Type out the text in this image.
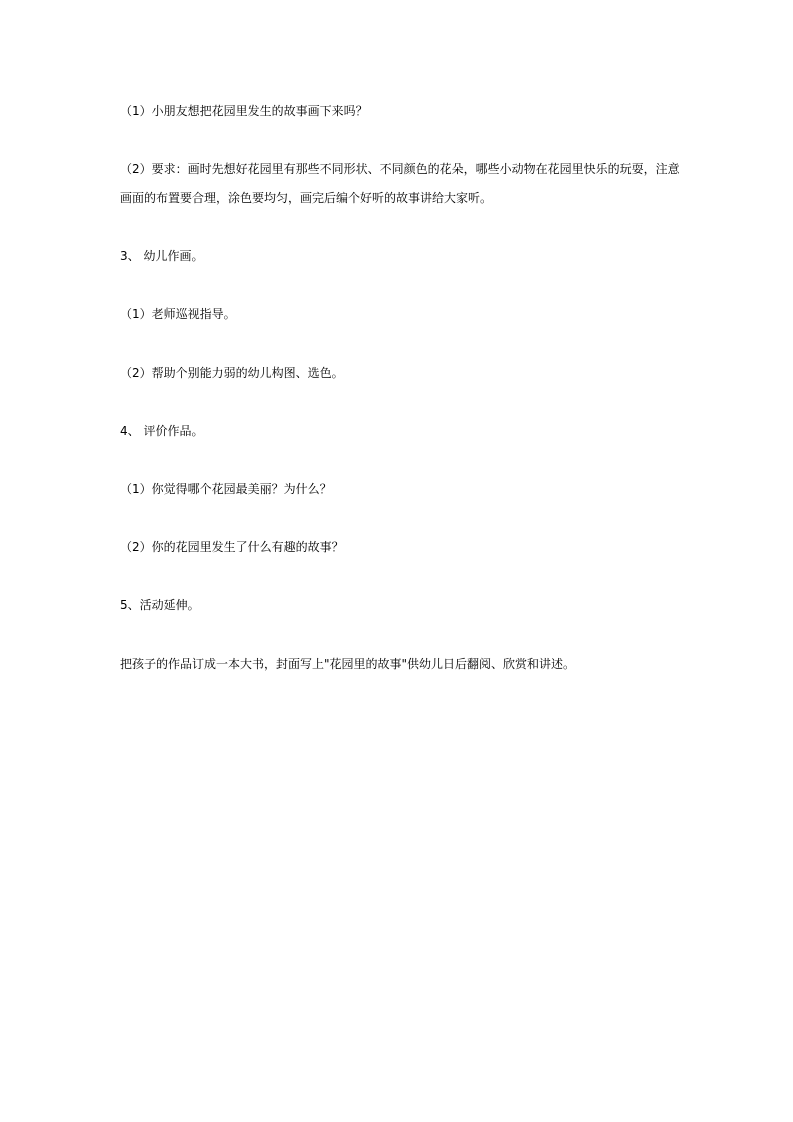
（1）小朋友想把花园里发生的故事画下来吗？
（2）要求：画时先想好花园里有那些不同形状、不同颜色的花朵，哪些小动物在花园里快乐的玩耍，注意画面的布置要合理，涂色要均匀，画完后编个好听的故事讲给大家听。
3、 幼儿作画。
（1）老师巡视指导。
（2）帮助个别能力弱的幼儿构图、选色。
4、 评价作品。
（1）你觉得哪个花园最美丽？为什么？
（2）你的花园里发生了什么有趣的故事？
5、活动延伸。
把孩子的作品订成一本大书，封面写上"花园里的故事"供幼儿日后翻阅、欣赏和讲述。
